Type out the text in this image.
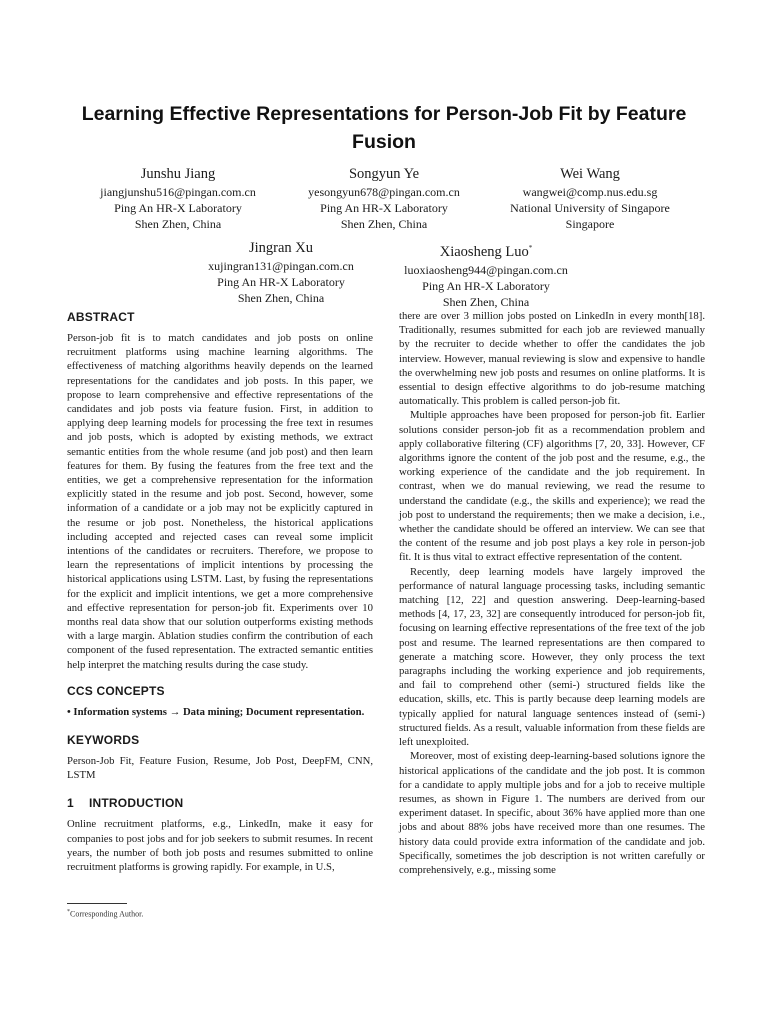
Learning Effective Representations for Person-Job Fit by Feature Fusion
Junshu Jiang
jiangjunshu516@pingan.com.cn
Ping An HR-X Laboratory
Shen Zhen, China
Songyun Ye
yesongyun678@pingan.com.cn
Ping An HR-X Laboratory
Shen Zhen, China
Wei Wang
wangwei@comp.nus.edu.sg
National University of Singapore
Singapore
Jingran Xu
xujingran131@pingan.com.cn
Ping An HR-X Laboratory
Shen Zhen, China
Xiaosheng Luo*
luoxiaosheng944@pingan.com.cn
Ping An HR-X Laboratory
Shen Zhen, China
ABSTRACT

Person-job fit is to match candidates and job posts on online recruitment platforms using machine learning algorithms. The effectiveness of matching algorithms heavily depends on the learned representations for the candidates and job posts. In this paper, we propose to learn comprehensive and effective representations of the candidates and job posts via feature fusion. First, in addition to applying deep learning models for processing the free text in resumes and job posts, which is adopted by existing methods, we extract semantic entities from the whole resume (and job post) and then learn features for them. By fusing the features from the free text and the entities, we get a comprehensive representation for the information explicitly stated in the resume and job post. Second, however, some information of a candidate or a job may not be explicitly captured in the resume or job post. Nonetheless, the historical applications including accepted and rejected cases can reveal some implicit intentions of the candidates or recruiters. Therefore, we propose to learn the representations of implicit intentions by processing the historical applications using LSTM. Last, by fusing the representations for the explicit and implicit intentions, we get a more comprehensive and effective representation for person-job fit. Experiments over 10 months real data show that our solution outperforms existing methods with a large margin. Ablation studies confirm the contribution of each component of the fused representation. The extracted semantic entities help interpret the matching results during the case study.

CCS CONCEPTS

• Information systems → Data mining; Document representation.

KEYWORDS

Person-Job Fit, Feature Fusion, Resume, Job Post, DeepFM, CNN, LSTM

1 INTRODUCTION

Online recruitment platforms, e.g., LinkedIn, make it easy for companies to post jobs and for job seekers to submit resumes. In recent years, the number of both job posts and resumes submitted to online recruitment platforms is growing rapidly. For example, in U.S,

there are over 3 million jobs posted on LinkedIn in every month[18]. Traditionally, resumes submitted for each job are reviewed manually by the recruiter to decide whether to offer the candidates the job interview. However, manual reviewing is slow and expensive to handle the overwhelming new job posts and resumes on online platforms. It is essential to design effective algorithms to do job-resume matching automatically. This problem is called person-job fit.

Multiple approaches have been proposed for person-job fit. Earlier solutions consider person-job fit as a recommendation problem and apply collaborative filtering (CF) algorithms [7, 20, 33]. However, CF algorithms ignore the content of the job post and the resume, e.g., the working experience of the candidate and the job requirement. In contrast, when we do manual reviewing, we read the resume to understand the candidate (e.g., the skills and experience); we read the job post to understand the requirements; then we make a decision, i.e., whether the candidate should be offered an interview. We can see that the content of the resume and job post plays a key role in person-job fit. It is thus vital to extract effective representation of the content.

Recently, deep learning models have largely improved the performance of natural language processing tasks, including semantic matching [12, 22] and question answering. Deep-learning-based methods [4, 17, 23, 32] are consequently introduced for person-job fit, focusing on learning effective representations of the free text of the job post and resume. The learned representations are then compared to generate a matching score. However, they only process the text paragraphs including the working experience and job requirements, and fail to comprehend other (semi-) structured fields like the education, skills, etc. This is partly because deep learning models are typically applied for natural language sentences instead of (semi-) structured fields. As a result, valuable information from these fields are left unexploited.

Moreover, most of existing deep-learning-based solutions ignore the historical applications of the candidate and the job post. It is common for a candidate to apply multiple jobs and for a job to receive multiple resumes, as shown in Figure 1. The numbers are derived from our experiment dataset. In specific, about 36% have applied more than one jobs and about 88% jobs have received more than one resumes. The history data could provide extra information of the candidate and job. Specifically, sometimes the job description is not written carefully or comprehensively, e.g., missing some

*Corresponding Author.
